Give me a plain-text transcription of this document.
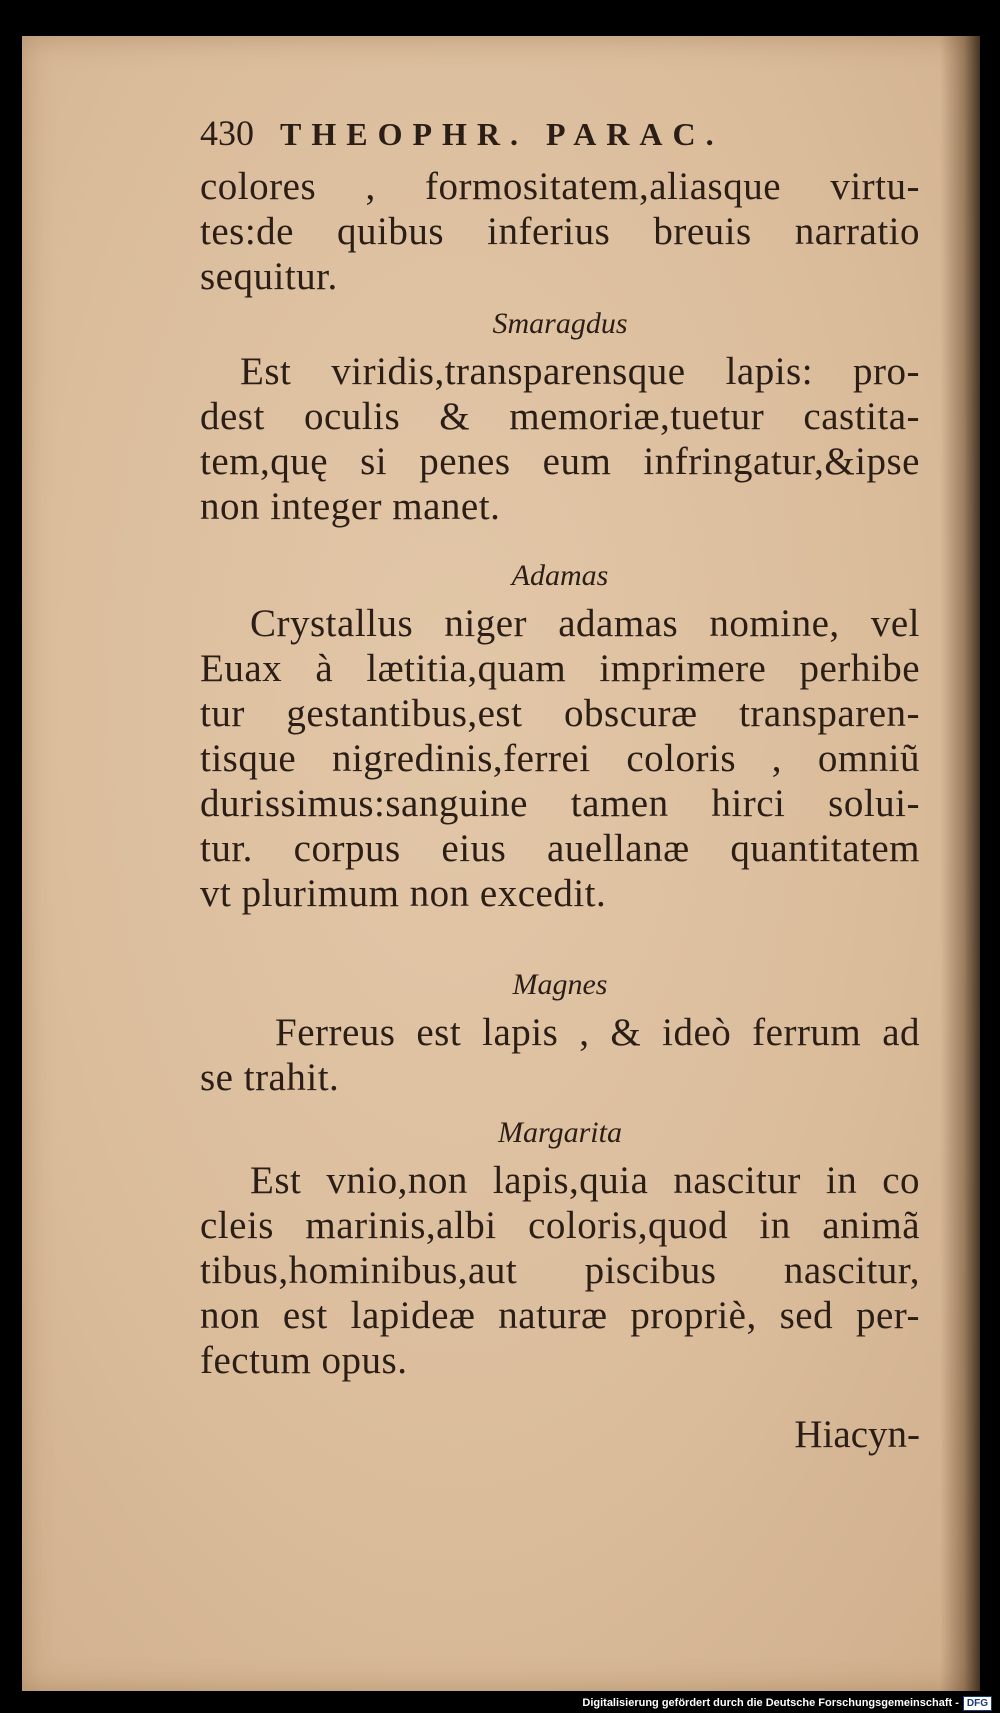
430 THEOPHR. PARAC.
colores , formositatem,aliasque virtu-
tes:de quibus inferius breuis narratio
sequitur.
Smaragdus
Est viridis,transparensque lapis: pro-
dest oculis & memoriæ,tuetur castita-
tem,quę si penes eum infringatur,&ipse
non integer manet.
Adamas
Crystallus niger adamas nomine, vel
Euax à lætitia,quam imprimere perhibe
tur gestantibus,est obscuræ transparen-
tisque nigredinis,ferrei coloris , omniũ
durissimus:sanguine tamen hirci solui-
tur. corpus eius auellanæ quantitatem
vt plurimum non excedit.
Magnes
Ferreus est lapis , & ideò ferrum ad
se trahit.
Margarita
Est vnio,non lapis,quia nascitur in co
cleis marinis,albi coloris,quod in animã
tibus,hominibus,aut piscibus nascitur,
non est lapideæ naturæ propriè, sed per-
fectum opus.
Hiacyn-
Digitalisierung gefördert durch die Deutsche Forschungsgemeinschaft - DFG
